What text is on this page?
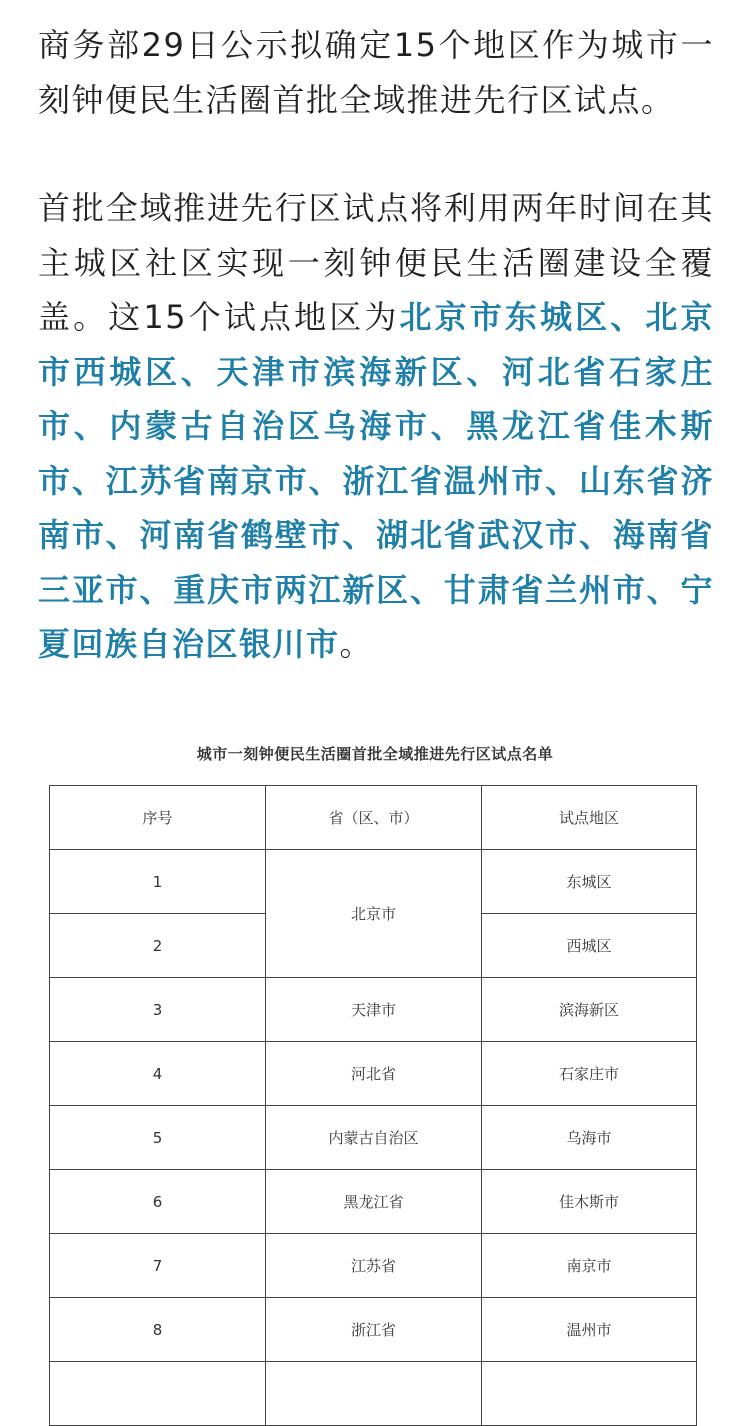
商务部29日公示拟确定15个地区作为城市一刻钟便民生活圈首批全域推进先行区试点。

首批全域推进先行区试点将利用两年时间在其主城区社区实现一刻钟便民生活圈建设全覆盖。这15个试点地区为北京市东城区、北京市西城区、天津市滨海新区、河北省石家庄市、内蒙古自治区乌海市、黑龙江省佳木斯市、江苏省南京市、浙江省温州市、山东省济南市、河南省鹤壁市、湖北省武汉市、海南省三亚市、重庆市两江新区、甘肃省兰州市、宁夏回族自治区银川市。

城市一刻钟便民生活圈首批全域推进先行区试点名单
序号	省（区、市）	试点地区
1	北京市	东城区
2		西城区
3	天津市	滨海新区
4	河北省	石家庄市
5	内蒙古自治区	乌海市
6	黑龙江省	佳木斯市
7	江苏省	南京市
8	浙江省	温州市
